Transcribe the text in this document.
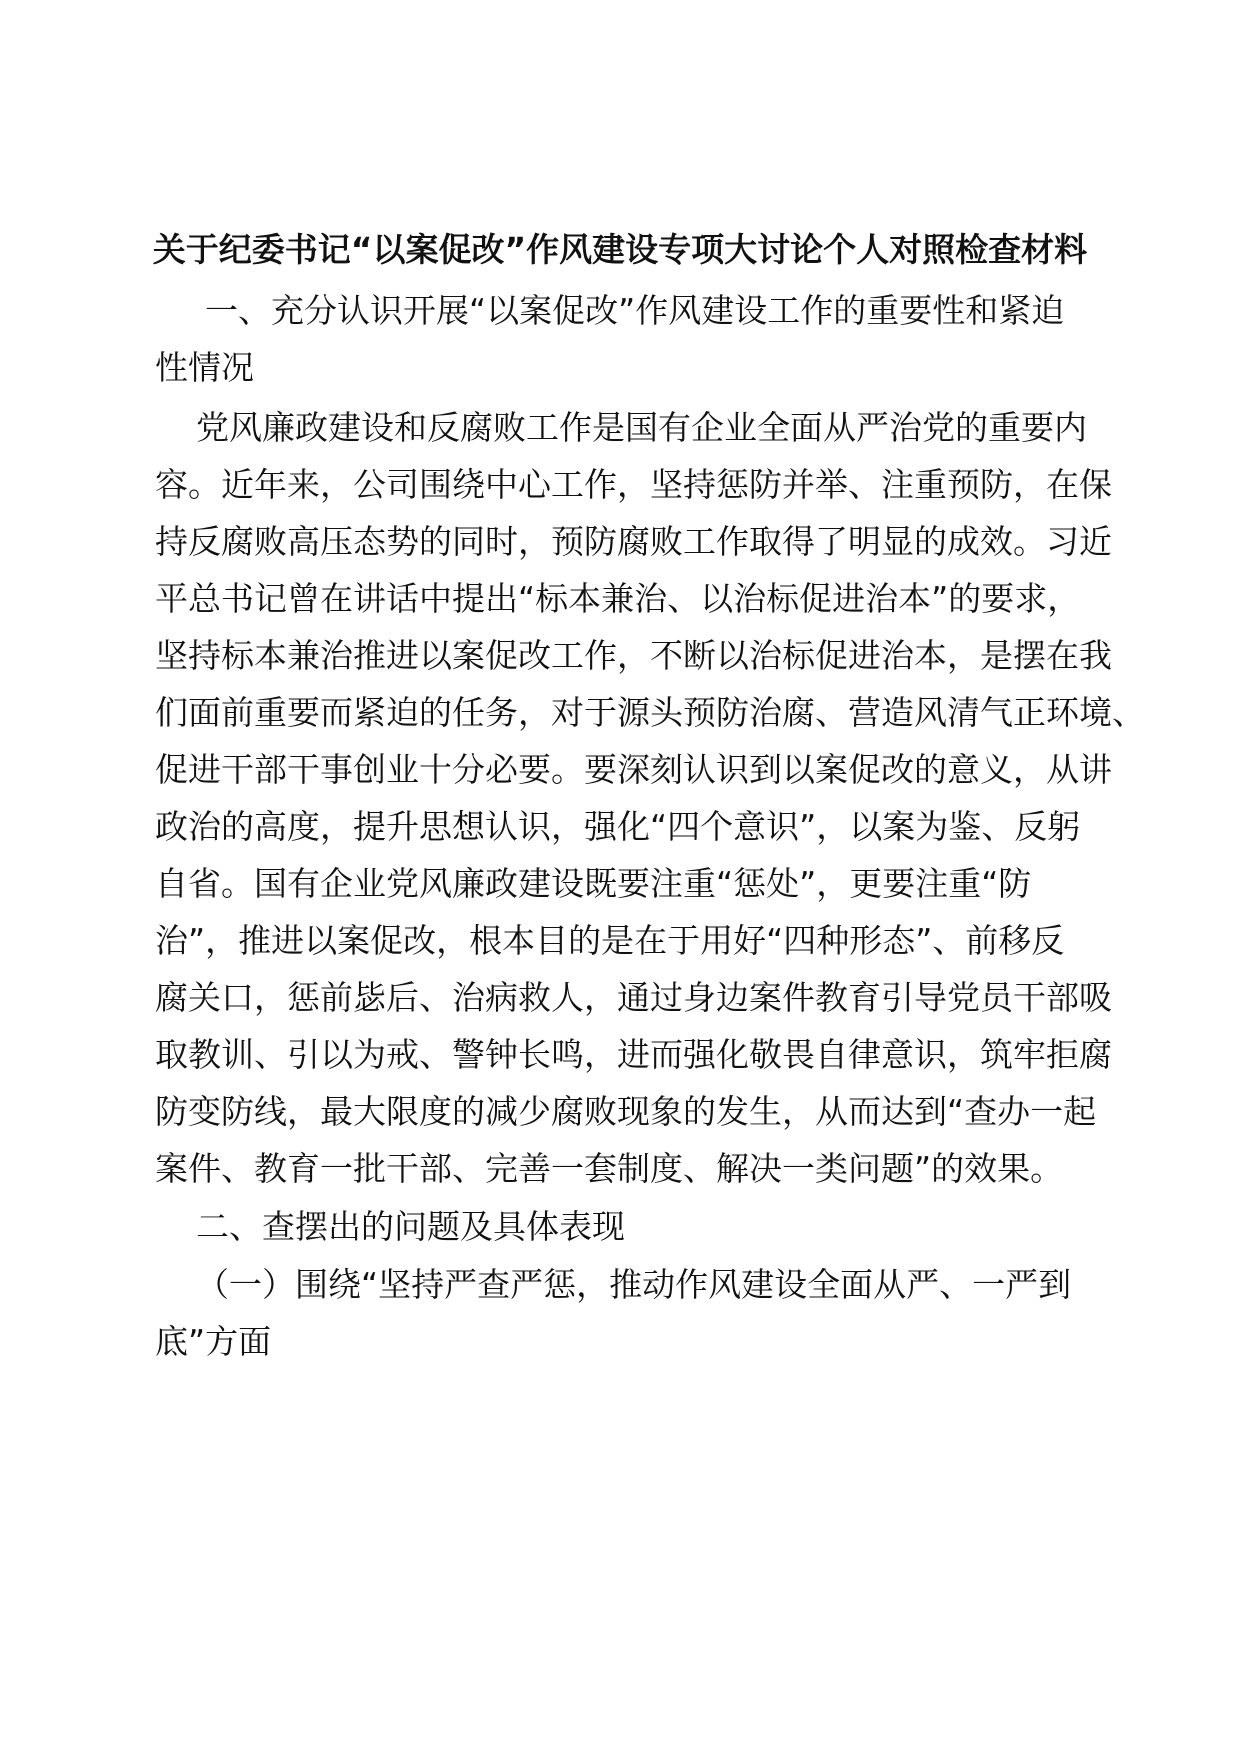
关于纪委书记“以案促改”作风建设专项大讨论个人对照检查材料

一、充分认识开展“以案促改”作风建设工作的重要性和紧迫

性情况

党风廉政建设和反腐败工作是国有企业全面从严治党的重要内

容。近年来，公司围绕中心工作，坚持惩防并举、注重预防，在保

持反腐败高压态势的同时，预防腐败工作取得了明显的成效。习近

平总书记曾在讲话中提出“标本兼治、以治标促进治本”的要求，

坚持标本兼治推进以案促改工作，不断以治标促进治本，是摆在我

们面前重要而紧迫的任务，对于源头预防治腐、营造风清气正环境、

促进干部干事创业十分必要。要深刻认识到以案促改的意义，从讲

政治的高度，提升思想认识，强化“四个意识”，以案为鉴、反躬

自省。国有企业党风廉政建设既要注重“惩处”，更要注重“防

治”，推进以案促改，根本目的是在于用好“四种形态”、前移反

腐关口，惩前毖后、治病救人，通过身边案件教育引导党员干部吸

取教训、引以为戒、警钟长鸣，进而强化敬畏自律意识，筑牢拒腐

防变防线，最大限度的减少腐败现象的发生，从而达到“查办一起

案件、教育一批干部、完善一套制度、解决一类问题”的效果。

二、查摆出的问题及具体表现

（一）围绕“坚持严查严惩，推动作风建设全面从严、一严到

底”方面
